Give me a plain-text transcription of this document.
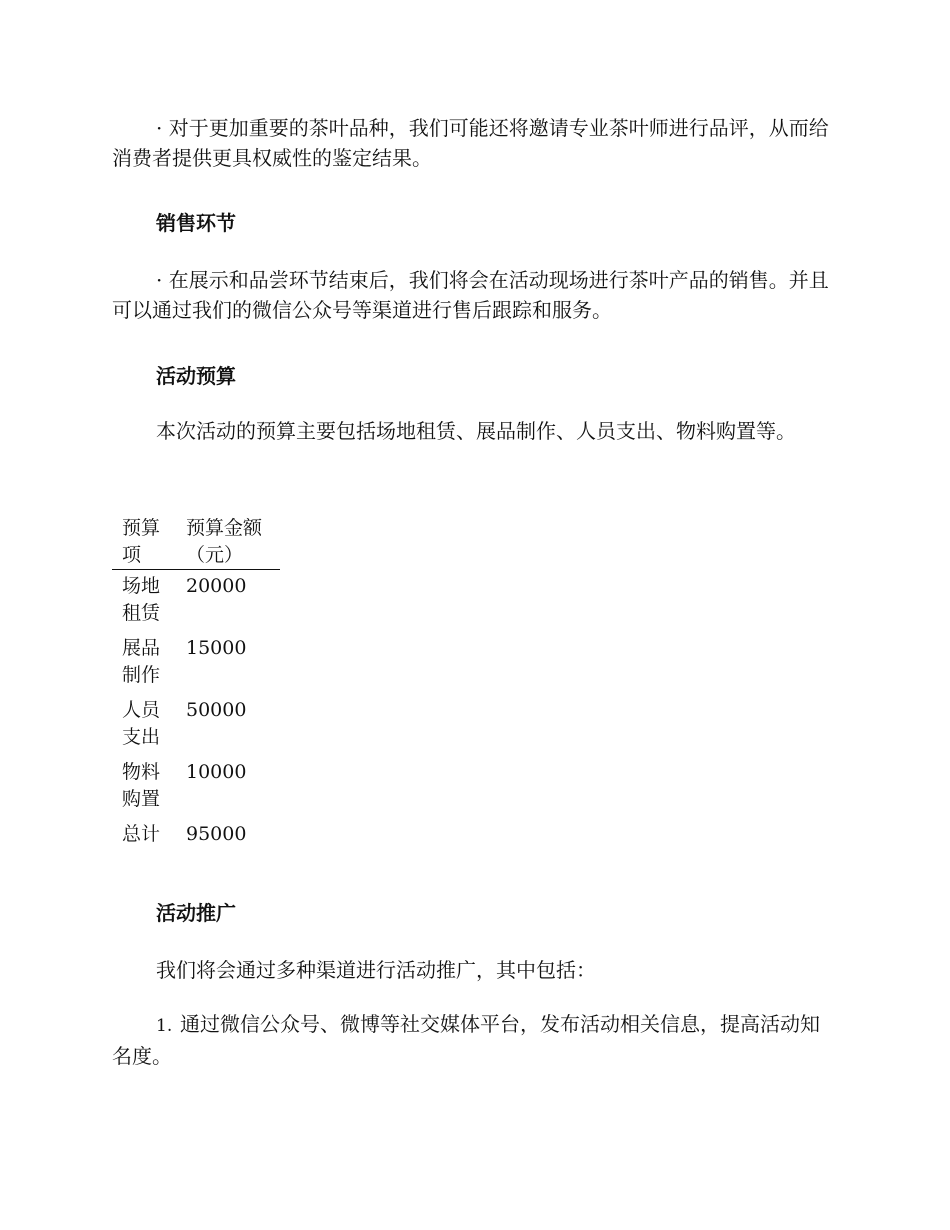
· 对于更加重要的茶叶品种，我们可能还将邀请专业茶叶师进行品评，从而给消费者提供更具权威性的鉴定结果。

销售环节

· 在展示和品尝环节结束后，我们将会在活动现场进行茶叶产品的销售。并且可以通过我们的微信公众号等渠道进行售后跟踪和服务。

活动预算

本次活动的预算主要包括场地租赁、展品制作、人员支出、物料购置等。

预算项	预算金额（元）
场地租赁	20000
展品制作	15000
人员支出	50000
物料购置	10000
总计	95000
活动推广

我们将会通过多种渠道进行活动推广，其中包括：

1. 通过微信公众号、微博等社交媒体平台，发布活动相关信息，提高活动知名度。
